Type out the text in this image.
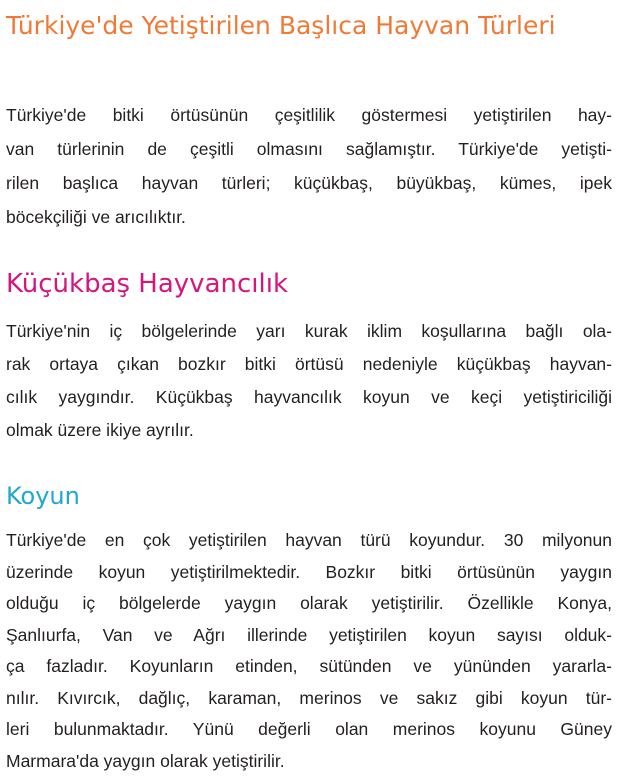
Türkiye'de Yetiştirilen Başlıca Hayvan Türleri

Türkiye'de bitki örtüsünün çeşitlilik göstermesi yetiştirilen hay-
van türlerinin de çeşitli olmasını sağlamıştır. Türkiye'de yetişti-
rilen başlıca hayvan türleri; küçükbaş, büyükbaş, kümes, ipek
böcekçiliği ve arıcılıktır.

Küçükbaş Hayvancılık

Türkiye'nin iç bölgelerinde yarı kurak iklim koşullarına bağlı ola-
rak ortaya çıkan bozkır bitki örtüsü nedeniyle küçükbaş hayvan-
cılık yaygındır. Küçükbaş hayvancılık koyun ve keçi yetiştiriciliği
olmak üzere ikiye ayrılır.

Koyun

Türkiye'de en çok yetiştirilen hayvan türü koyundur. 30 milyonun
üzerinde koyun yetiştirilmektedir. Bozkır bitki örtüsünün yaygın
olduğu iç bölgelerde yaygın olarak yetiştirilir. Özellikle Konya,
Şanlıurfa, Van ve Ağrı illerinde yetiştirilen koyun sayısı olduk-
ça fazladır. Koyunların etinden, sütünden ve yününden yararla-
nılır. Kıvırcık, dağlıç, karaman, merinos ve sakız gibi koyun tür-
leri bulunmaktadır. Yünü değerli olan merinos koyunu Güney
Marmara'da yaygın olarak yetiştirilir.
